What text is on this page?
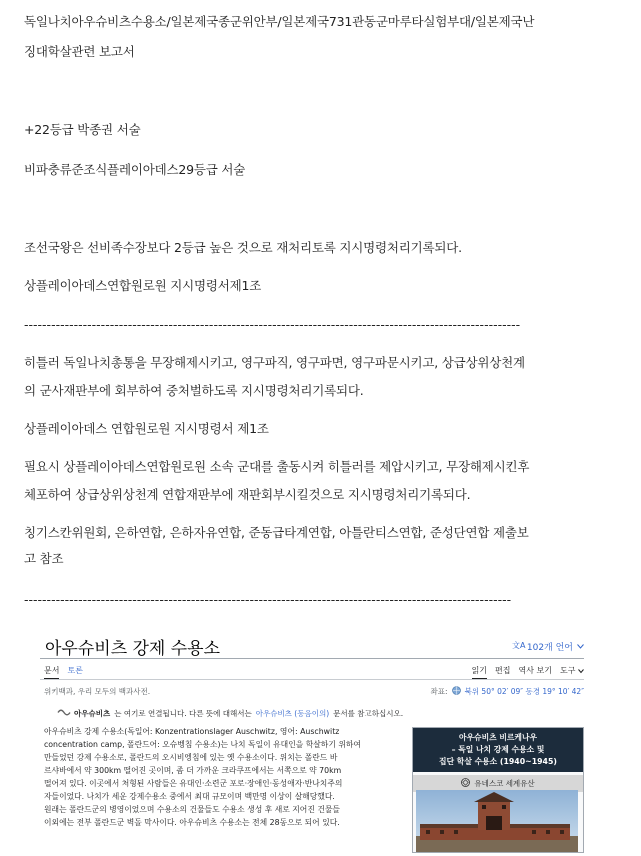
독일나치아우슈비츠수용소/일본제국종군위안부/일본제국731관동군마루타실험부대/일본제국난
징대학살관련 보고서
+22등급 박종권 서술
비파충류준조식플레이아데스29등급 서술
조선국왕은 선비족수장보다 2등급 높은 것으로 재처리토록 지시명령처리기록되다.
상플레이아데스연합원로원 지시명령서제1조
--------------------------------------------------------------------------------------------------------------
히틀러 독일나치총통을 무장해제시키고, 영구파직, 영구파면, 영구파문시키고, 상급상위상천계
의 군사재판부에 회부하여 중처벌하도록 지시명령처리기록되다.
상플레이아데스 연합원로원 지시명령서 제1조
필요시 상플레이아데스연합원로원 소속 군대를 출동시켜 히틀러를 제압시키고, 무장해제시킨후
체포하여 상급상위상천계 연합재판부에 재판회부시킬것으로 지시명령처리기록되다.
칭기스칸위원회, 은하연합, 은하자유연합, 준동급타계연합, 아틀란티스연합, 준성단연합 제출보
고 참조
------------------------------------------------------------------------------------------------------------
아우슈비츠 강제 수용소	文A 102개 언어
문서 토론	읽기 편집 역사 보기 도구
위키백과, 우리 모두의 백과사전.	좌표: 북위 50° 02′ 09″ 동경 19° 10′ 42″
아우슈비츠 는 여기로 연결됩니다. 다른 뜻에 대해서는 아우슈비츠 (동음이의) 문서를 참고하십시오.
아우슈비츠 강제 수용소(독일어: Konzentrationslager Auschwitz, 영어: Auschwitz
concentration camp, 폴란드어: 오슈벵침 수용소)는 나치 독일이 유대인을 학살하기 위하여
만들었던 강제 수용소로, 폴란드의 오시비엥침에 있는 옛 수용소이다. 위치는 폴란드 바
르샤바에서 약 300km 떨어진 곳이며, 좀 더 가까운 크라쿠프에서는 서쪽으로 약 70km
떨어져 있다. 이곳에서 처형된 사람들은 유대인·소련군 포로·장애인·동성애자·반나치주의
자들이었다. 나치가 세운 강제수용소 중에서 최대 규모이며 백만명 이상이 살해당했다.
원래는 폴란드군의 병영이었으며 수용소의 건물들도 수용소 생성 후 새로 지어진 건물들
이외에는 전부 폴란드군 벽돌 막사이다. 아우슈비츠 수용소는 전체 28동으로 되어 있다.
아우슈비츠 비르케나우
– 독일 나치 강제 수용소 및
집단 학살 수용소 (1940~1945)
유네스코 세계유산
